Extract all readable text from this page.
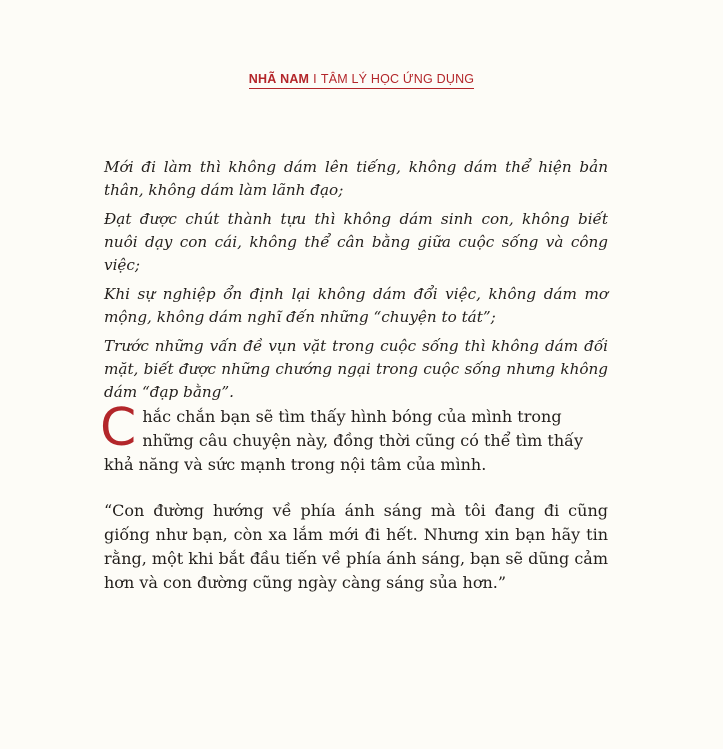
NHÃ NAM I TÂM LÝ HỌC ỨNG DỤNG

Mới đi làm thì không dám lên tiếng, không dám thể hiện bản thân, không dám làm lãnh đạo;

Đạt được chút thành tựu thì không dám sinh con, không biết nuôi dạy con cái, không thể cân bằng giữa cuộc sống và công việc;

Khi sự nghiệp ổn định lại không dám đổi việc, không dám mơ mộng, không dám nghĩ đến những “chuyện to tát”;

Trước những vấn đề vụn vặt trong cuộc sống thì không dám đối mặt, biết được những chướng ngại trong cuộc sống nhưng không dám “đạp bằng”.

Chắc chắn bạn sẽ tìm thấy hình bóng của mình trong những câu chuyện này, đồng thời cũng có thể tìm thấy khả năng và sức mạnh trong nội tâm của mình.

“Con đường hướng về phía ánh sáng mà tôi đang đi cũng giống như bạn, còn xa lắm mới đi hết. Nhưng xin bạn hãy tin rằng, một khi bắt đầu tiến về phía ánh sáng, bạn sẽ dũng cảm hơn và con đường cũng ngày càng sáng sủa hơn.”
